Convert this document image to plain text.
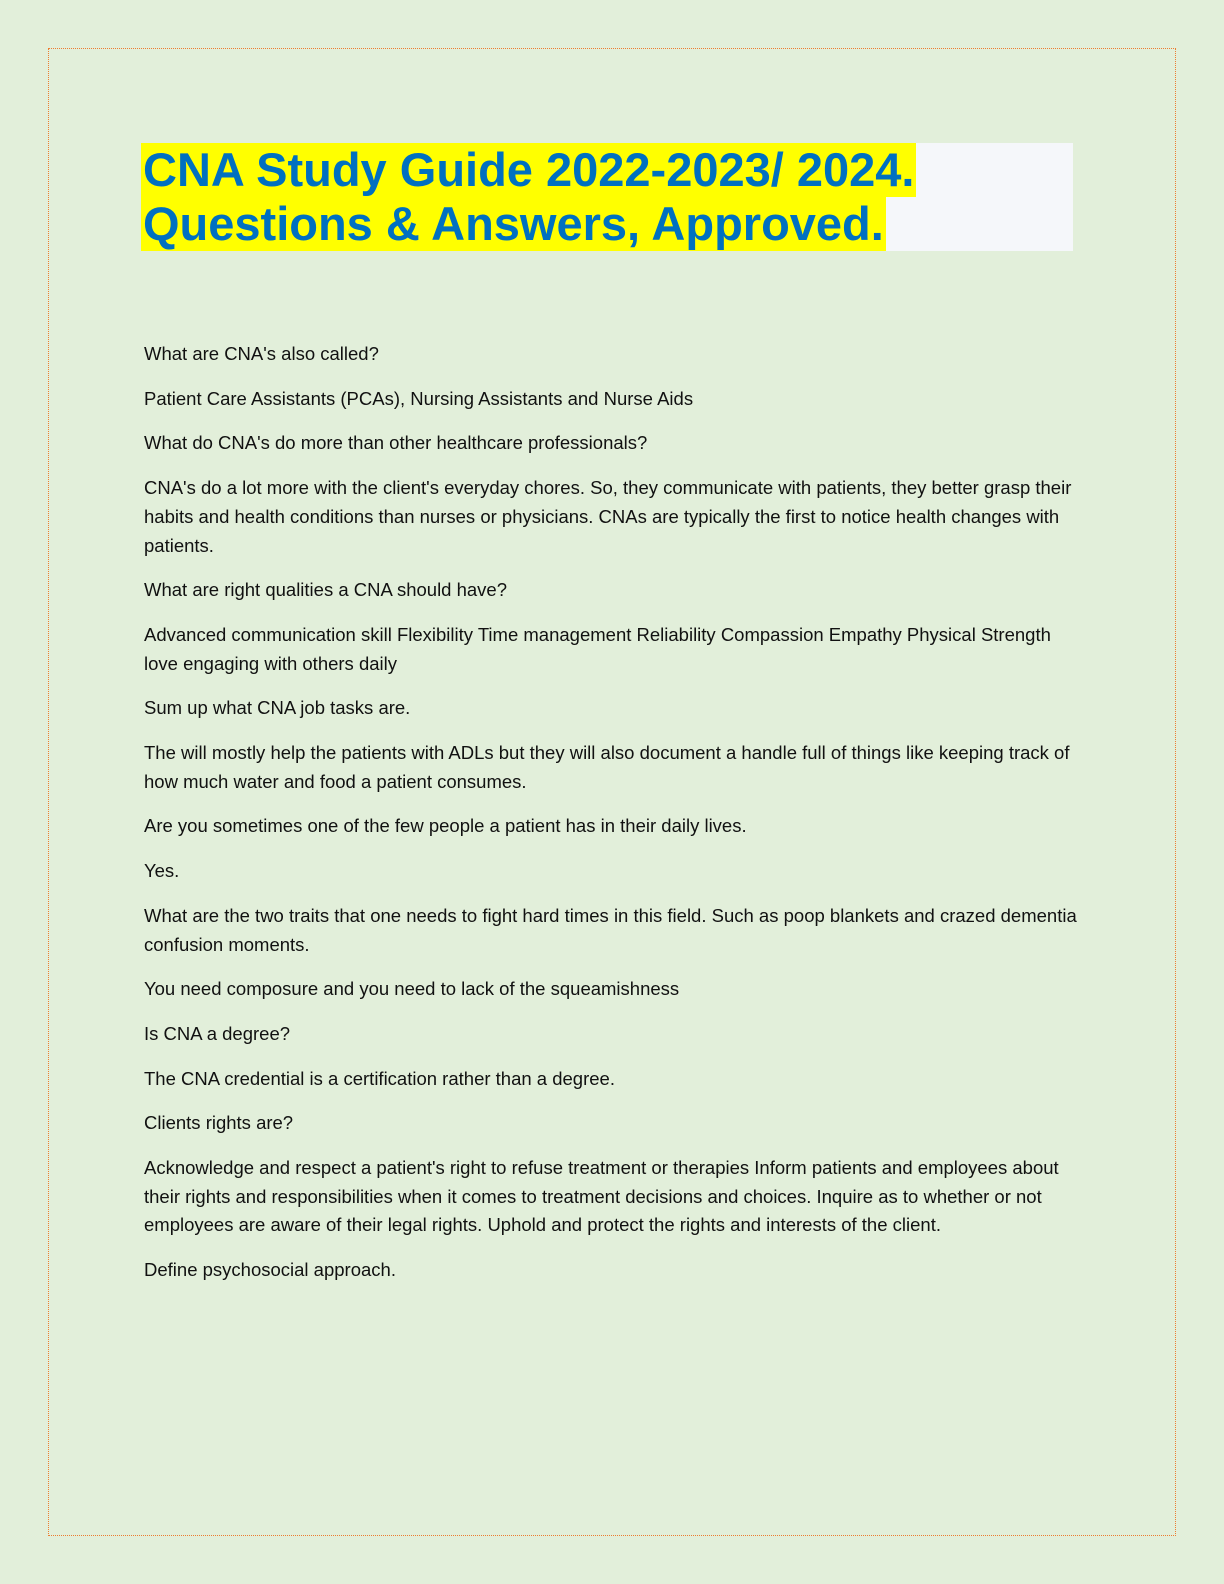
CNA Study Guide 2022-2023/ 2024.
Questions & Answers, Approved.

What are CNA's also called?

Patient Care Assistants (PCAs), Nursing Assistants and Nurse Aids

What do CNA's do more than other healthcare professionals?

CNA's do a lot more with the client's everyday chores. So, they communicate with patients, they better grasp their habits and health conditions than nurses or physicians. CNAs are typically the first to notice health changes with patients.

What are right qualities a CNA should have?

Advanced communication skill Flexibility Time management Reliability Compassion Empathy Physical Strength
love engaging with others daily

Sum up what CNA job tasks are.

The will mostly help the patients with ADLs but they will also document a handle full of things like keeping track of how much water and food a patient consumes.

Are you sometimes one of the few people a patient has in their daily lives.

Yes.

What are the two traits that one needs to fight hard times in this field. Such as poop blankets and crazed dementia confusion moments.

You need composure and you need to lack of the squeamishness

Is CNA a degree?

The CNA credential is a certification rather than a degree.

Clients rights are?

Acknowledge and respect a patient's right to refuse treatment or therapies Inform patients and employees about their rights and responsibilities when it comes to treatment decisions and choices. Inquire as to whether or not employees are aware of their legal rights. Uphold and protect the rights and interests of the client.

Define psychosocial approach.
